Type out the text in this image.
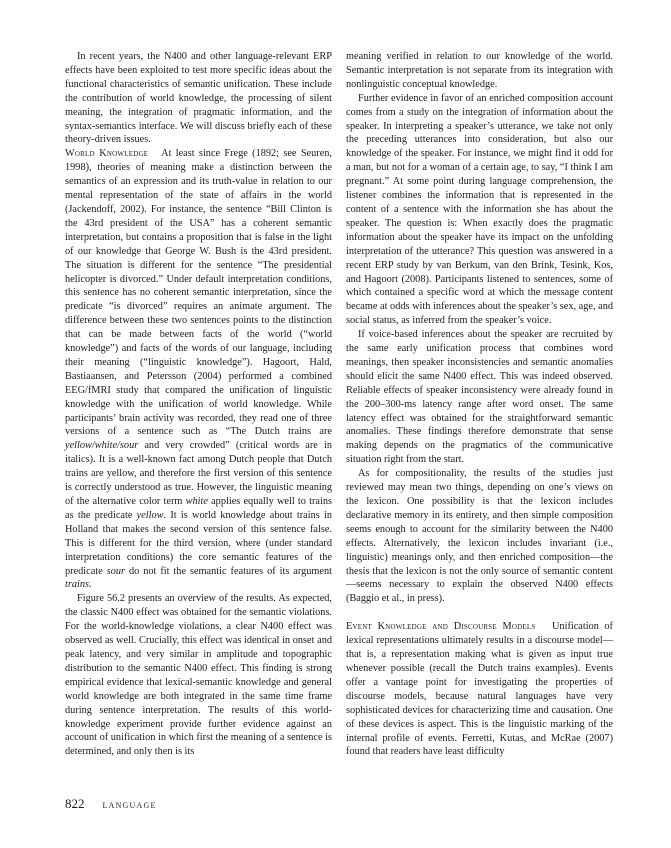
In recent years, the N400 and other language-relevant ERP effects have been exploited to test more specific ideas about the functional characteristics of semantic unification. These include the contribution of world knowledge, the processing of silent meaning, the integration of pragmatic information, and the syntax-semantics interface. We will discuss briefly each of these theory-driven issues.

World Knowledge At least since Frege (1892; see Seuren, 1998), theories of meaning make a distinction between the semantics of an expression and its truth-value in relation to our mental representation of the state of affairs in the world (Jackendoff, 2002). For instance, the sentence “Bill Clinton is the 43rd president of the USA” has a coherent semantic interpretation, but contains a proposition that is false in the light of our knowledge that George W. Bush is the 43rd president. The situation is different for the sentence “The presidential helicopter is divorced.” Under default interpretation conditions, this sentence has no coherent semantic interpretation, since the predicate “is divorced” requires an animate argument. The difference between these two sentences points to the distinction that can be made between facts of the world (“world knowledge”) and facts of the words of our language, including their meaning (“linguistic knowledge”). Hagoort, Hald, Bastiaansen, and Petersson (2004) performed a combined EEG/fMRI study that compared the unification of linguistic knowledge with the unification of world knowledge. While participants’ brain activity was recorded, they read one of three versions of a sentence such as “The Dutch trains are yellow/white/sour and very crowded” (critical words are in italics). It is a well-known fact among Dutch people that Dutch trains are yellow, and therefore the first version of this sentence is correctly understood as true. However, the linguistic meaning of the alternative color term white applies equally well to trains as the predicate yellow. It is world knowledge about trains in Holland that makes the second version of this sentence false. This is different for the third version, where (under standard interpretation conditions) the core semantic features of the predicate sour do not fit the semantic features of its argument trains.

Figure 56.2 presents an overview of the results. As expected, the classic N400 effect was obtained for the semantic violations. For the world-knowledge violations, a clear N400 effect was observed as well. Crucially, this effect was identical in onset and peak latency, and very similar in amplitude and topographic distribution to the semantic N400 effect. This finding is strong empirical evidence that lexical-semantic knowledge and general world knowledge are both integrated in the same time frame during sentence interpretation. The results of this world-knowledge experiment provide further evidence against an account of unification in which first the meaning of a sentence is determined, and only then is its

meaning verified in relation to our knowledge of the world. Semantic interpretation is not separate from its integration with nonlinguistic conceptual knowledge.

Further evidence in favor of an enriched composition account comes from a study on the integration of information about the speaker. In interpreting a speaker’s utterance, we take not only the preceding utterances into consideration, but also our knowledge of the speaker. For instance, we might find it odd for a man, but not for a woman of a certain age, to say, “I think I am pregnant.” At some point during language comprehension, the listener combines the information that is represented in the content of a sentence with the information she has about the speaker. The question is: When exactly does the pragmatic information about the speaker have its impact on the unfolding interpretation of the utterance? This question was answered in a recent ERP study by van Berkum, van den Brink, Tesink, Kos, and Hagoort (2008). Participants listened to sentences, some of which contained a specific word at which the message content became at odds with inferences about the speaker’s sex, age, and social status, as inferred from the speaker’s voice.

If voice-based inferences about the speaker are recruited by the same early unification process that combines word meanings, then speaker inconsistencies and semantic anomalies should elicit the same N400 effect. This was indeed observed. Reliable effects of speaker inconsistency were already found in the 200–300-ms latency range after word onset. The same latency effect was obtained for the straightforward semantic anomalies. These findings therefore demonstrate that sense making depends on the pragmatics of the communicative situation right from the start.

As for compositionality, the results of the studies just reviewed may mean two things, depending on one’s views on the lexicon. One possibility is that the lexicon includes declarative memory in its entirety, and then simple composition seems enough to account for the similarity between the N400 effects. Alternatively, the lexicon includes invariant (i.e., linguistic) meanings only, and then enriched composition—the thesis that the lexicon is not the only source of semantic content—seems necessary to explain the observed N400 effects (Baggio et al., in press).

Event Knowledge and Discourse Models Unification of lexical representations ultimately results in a discourse model—that is, a representation making what is given as input true whenever possible (recall the Dutch trains examples). Events offer a vantage point for investigating the properties of discourse models, because natural languages have very sophisticated devices for characterizing time and causation. One of these devices is aspect. This is the linguistic marking of the internal profile of events. Ferretti, Kutas, and McRae (2007) found that readers have least difficulty

822 language
